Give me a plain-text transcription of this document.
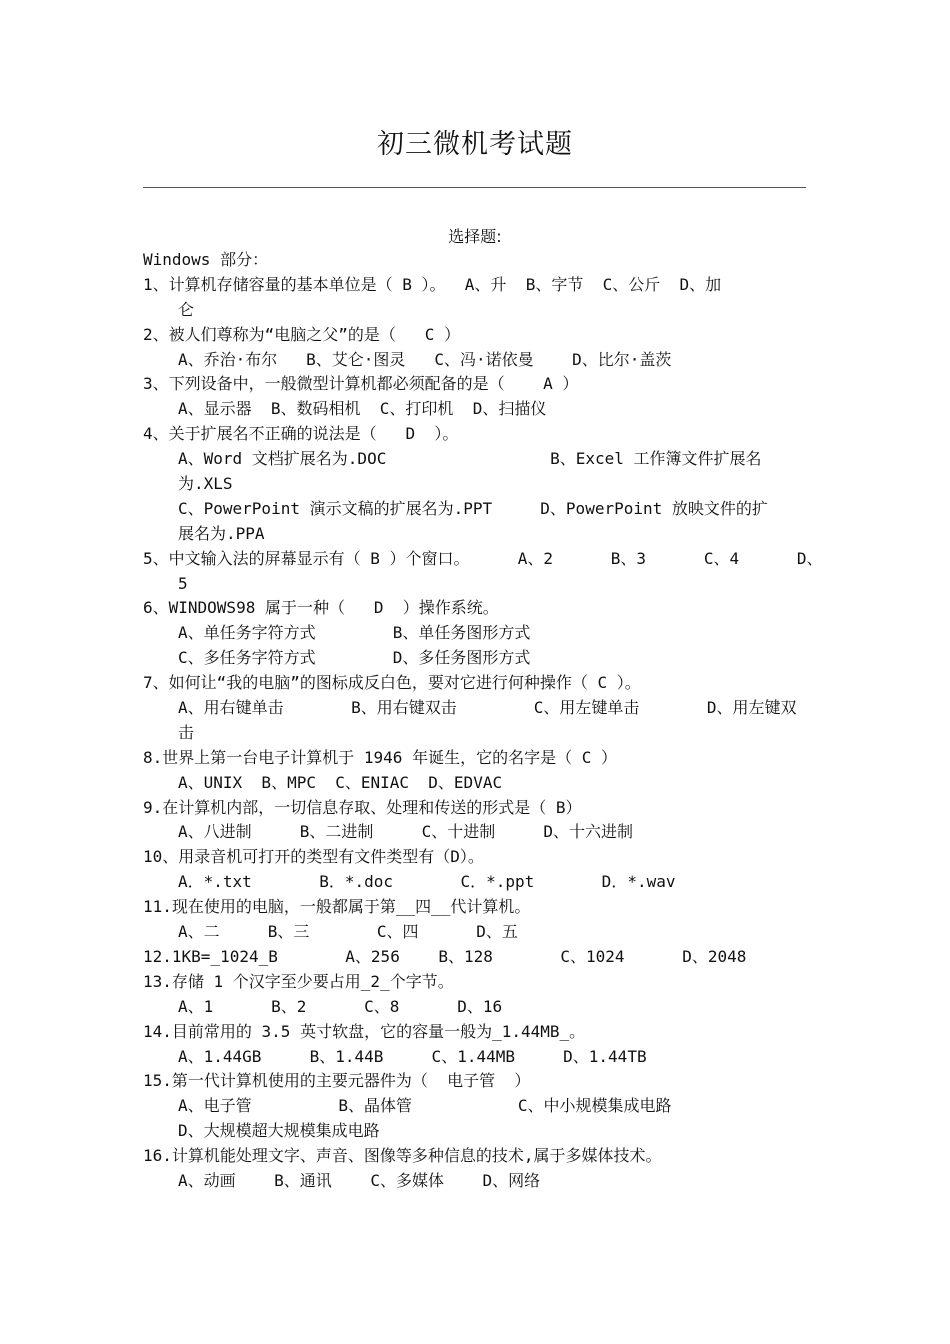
初三微机考试题
选择题:
Windows 部分：
1、计算机存储容量的基本单位是（ B ）。  A、升  B、字节  C、公斤  D、加
仑
2、被人们尊称为“电脑之父”的是（   C ）
A、乔治·布尔   B、艾仑·图灵   C、冯·诺依曼    D、比尔·盖茨
3、下列设备中，一般微型计算机都必须配备的是（    A ）
A、显示器  B、数码相机  C、打印机  D、扫描仪
4、关于扩展名不正确的说法是（   D  ）。
A、Word 文档扩展名为.DOC                 B、Excel 工作簿文件扩展名
为.XLS
C、PowerPoint 演示文稿的扩展名为.PPT     D、PowerPoint 放映文件的扩
展名为.PPA
5、中文输入法的屏幕显示有（ B ）个窗口。     A、2      B、3      C、4      D、
5
6、WINDOWS98 属于一种（   D  ）操作系统。
A、单任务字符方式        B、单任务图形方式
C、多任务字符方式        D、多任务图形方式
7、如何让“我的电脑”的图标成反白色，要对它进行何种操作（ C ）。
A、用右键单击       B、用右键双击        C、用左键单击       D、用左键双
击
8.世界上第一台电子计算机于 1946 年诞生，它的名字是（ C ）
A、UNIX  B、MPC  C、ENIAC  D、EDVAC
9.在计算机内部，一切信息存取、处理和传送的形式是（ B）
A、八进制     B、二进制     C、十进制     D、十六进制
10、用录音机可打开的类型有文件类型有（D）。
A．*.txt       B．*.doc       C．*.ppt       D．*.wav
11.现在使用的电脑，一般都属于第__四__代计算机。
A、二     B、三       C、四      D、五
12.1KB=_1024_B       A、256    B、128       C、1024      D、2048
13.存储 1 个汉字至少要占用_2_个字节。
A、1      B、2      C、8      D、16
14.目前常用的 3.5 英寸软盘，它的容量一般为_1.44MB_。
A、1.44GB     B、1.44B     C、1.44MB     D、1.44TB
15.第一代计算机使用的主要元器件为（  电子管  ）
A、电子管         B、晶体管           C、中小规模集成电路
D、大规模超大规模集成电路
16.计算机能处理文字、声音、图像等多种信息的技术,属于多媒体技术。
A、动画    B、通讯    C、多媒体    D、网络
